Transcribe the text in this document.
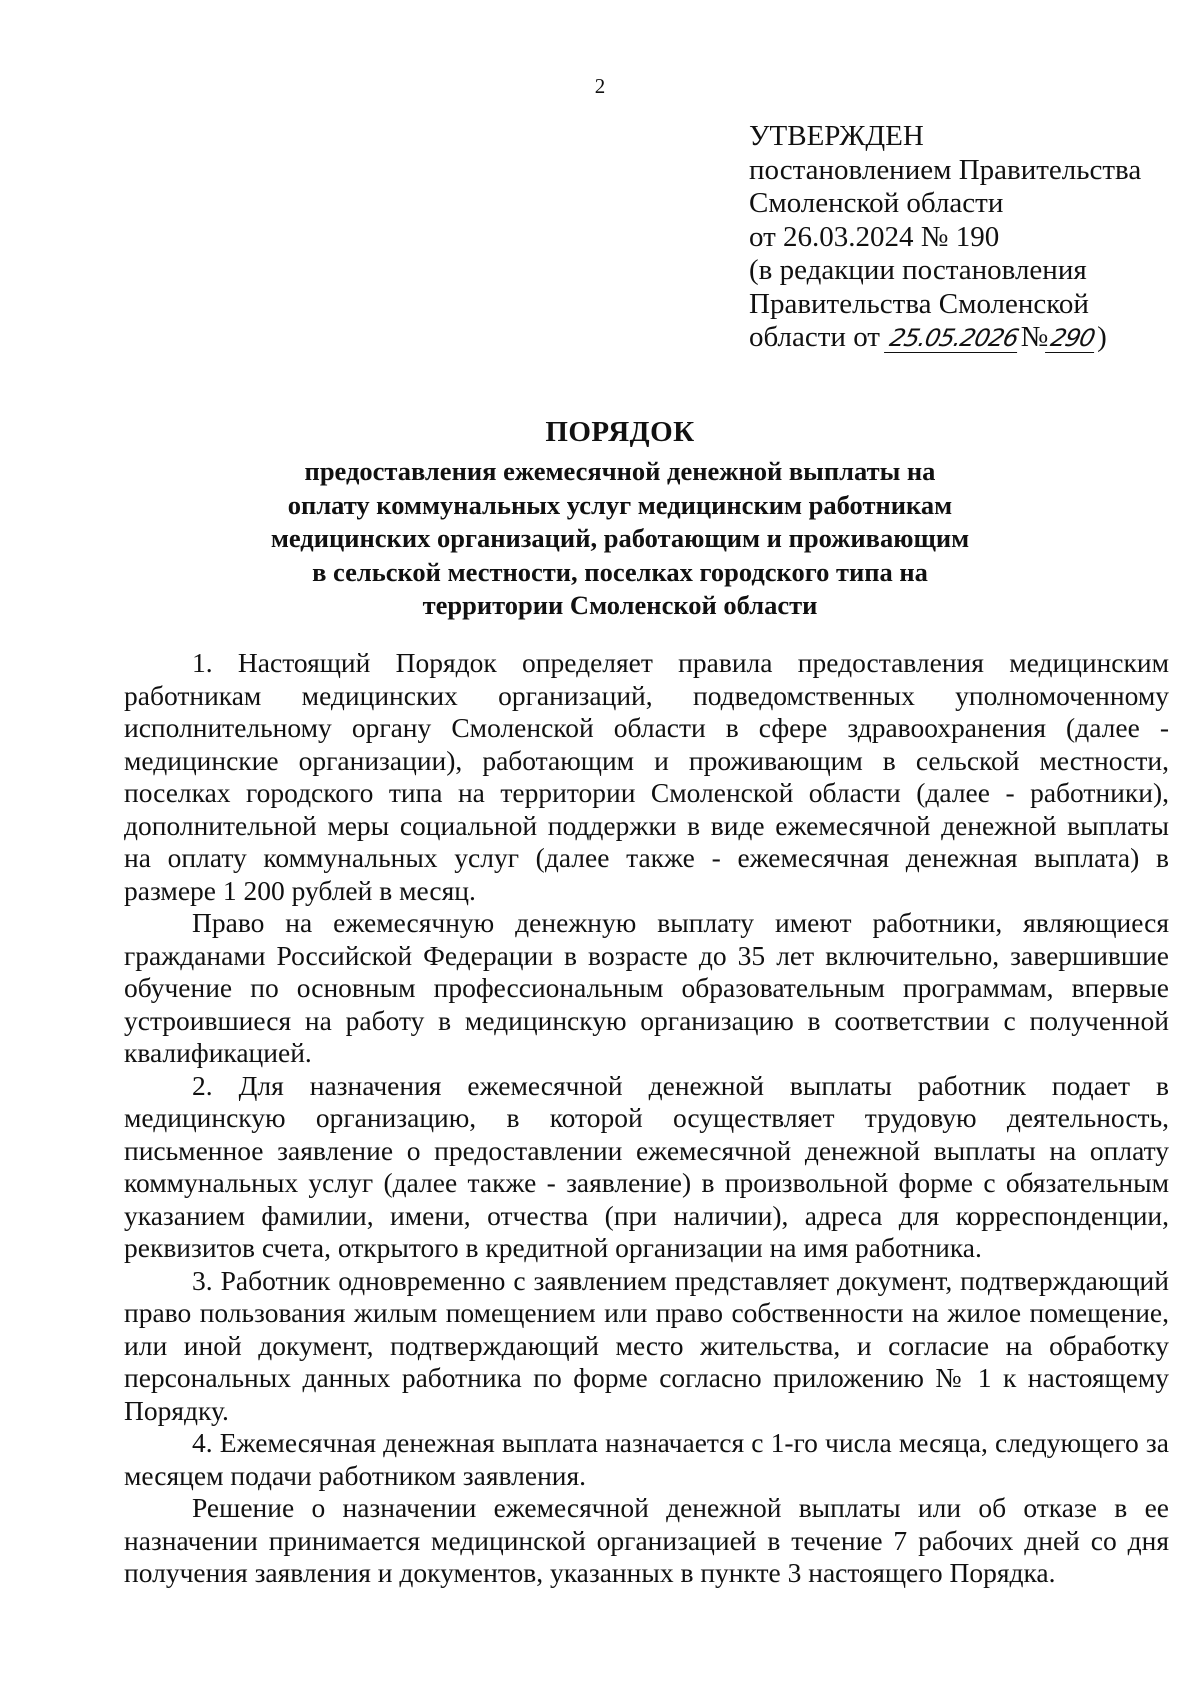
2
УТВЕРЖДЕН
постановлением Правительства
Смоленской области
от 26.03.2024 № 190
(в редакции постановления
Правительства Смоленской
области от 25.05.2026№290)
ПОРЯДОК
предоставления ежемесячной денежной выплаты на
оплату коммунальных услуг медицинским работникам
медицинских организаций, работающим и проживающим
в сельской местности, поселках городского типа на
территории Смоленской области

1. Настоящий Порядок определяет правила предоставления медицинским работникам медицинских организаций, подведомственных уполномоченному исполнительному органу Смоленской области в сфере здравоохранения (далее - медицинские организации), работающим и проживающим в сельской местности, поселках городского типа на территории Смоленской области (далее - работники), дополнительной меры социальной поддержки в виде ежемесячной денежной выплаты на оплату коммунальных услуг (далее также - ежемесячная денежная выплата) в размере 1 200 рублей в месяц.

Право на ежемесячную денежную выплату имеют работники, являющиеся гражданами Российской Федерации в возрасте до 35 лет включительно, завершившие обучение по основным профессиональным образовательным программам, впервые устроившиеся на работу в медицинскую организацию в соответствии с полученной квалификацией.

2. Для назначения ежемесячной денежной выплаты работник подает в медицинскую организацию, в которой осуществляет трудовую деятельность, письменное заявление о предоставлении ежемесячной денежной выплаты на оплату коммунальных услуг (далее также - заявление) в произвольной форме с обязательным указанием фамилии, имени, отчества (при наличии), адреса для корреспонденции, реквизитов счета, открытого в кредитной организации на имя работника.

3. Работник одновременно с заявлением представляет документ, подтверждающий право пользования жилым помещением или право собственности на жилое помещение, или иной документ, подтверждающий место жительства, и согласие на обработку персональных данных работника по форме согласно приложению № 1 к настоящему Порядку.

4. Ежемесячная денежная выплата назначается с 1-го числа месяца, следующего за месяцем подачи работником заявления.

Решение о назначении ежемесячной денежной выплаты или об отказе в ее назначении принимается медицинской организацией в течение 7 рабочих дней со дня получения заявления и документов, указанных в пункте 3 настоящего Порядка.
